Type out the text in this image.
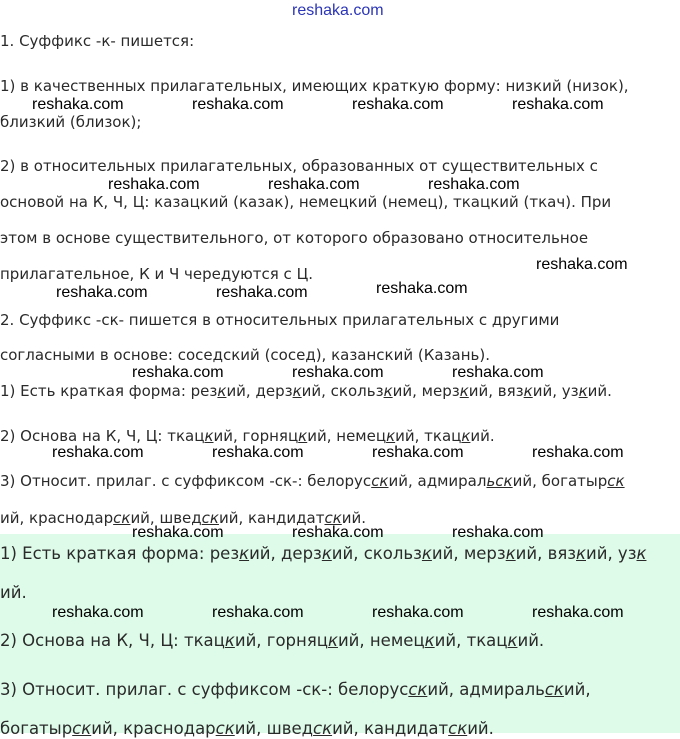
reshaka.com
1. Суффикс -к- пишется:
1) в качественных прилагательных, имеющих краткую форму: низкий (низок),
близкий (близок);
2) в относительных прилагательных, образованных от существительных с
основой на К, Ч, Ц: казацкий (казак), немецкий (немец), ткацкий (ткач). При
этом в основе существительного, от которого образовано относительное
прилагательное, К и Ч чередуются с Ц.
2. Суффикс -ск- пишется в относительных прилагательных с другими
согласными в основе: соседский (сосед), казанский (Казань).
1) Есть краткая форма: резкий, дерзкий, скользкий, мерзкий, вязкий, узкий.
2) Основа на К, Ч, Ц: ткацкий, горняцкий, немецкий, ткацкий.
3) Относит. прилаг. с суффиксом -ск-: белорусский, адмиральский, богатырск
ий, краснодарский, шведский, кандидатский.
1) Есть краткая форма: резкий, дерзкий, скользкий, мерзкий, вязкий, узк
ий.
2) Основа на К, Ч, Ц: ткацкий, горняцкий, немецкий, ткацкий.
3) Относит. прилаг. с суффиксом -ск-: белорусский, адмиральский,
богатырский, краснодарский, шведский, кандидатский.
reshaka.com	reshaka.com	reshaka.com	reshaka.com
reshaka.com	reshaka.com	reshaka.com
reshaka.com
reshaka.com
reshaka.com	reshaka.com
reshaka.com	reshaka.com	reshaka.com
reshaka.com	reshaka.com	reshaka.com	reshaka.com
reshaka.com	reshaka.com	reshaka.com
reshaka.com	reshaka.com	reshaka.com	reshaka.com
